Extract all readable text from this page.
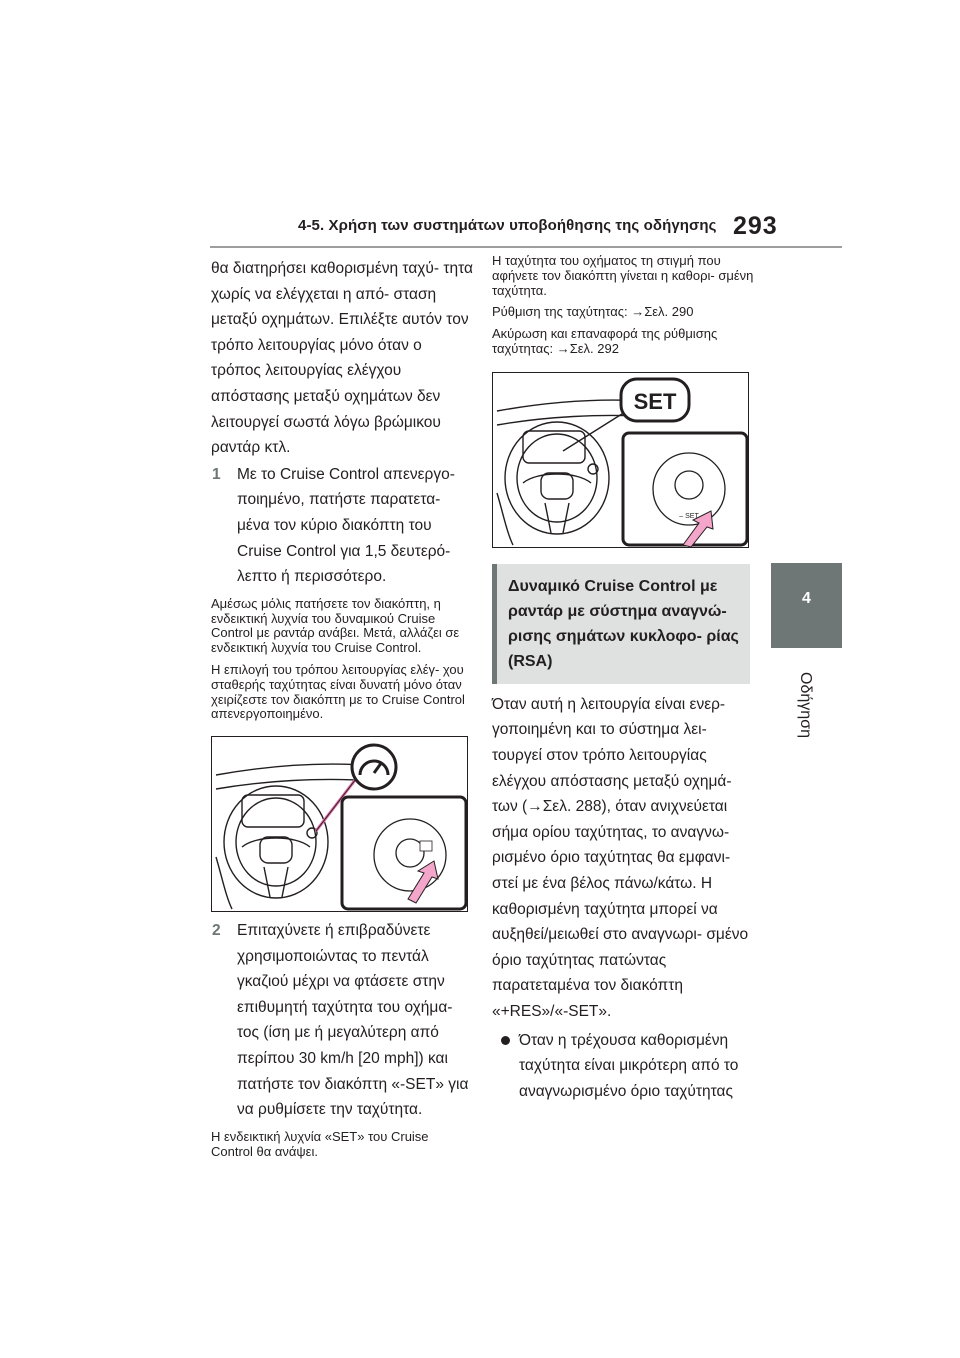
4-5. Χρήση των συστημάτων υποβοήθησης της οδήγησης 293
4
Οδήγηση

θα διατηρήσει καθορισμένη ταχύ- τητα χωρίς να ελέγχεται η από- σταση μεταξύ οχημάτων. Επιλέξτε αυτόν τον τρόπο λειτουργίας μόνο όταν ο τρόπος λειτουργίας ελέγχου απόστασης μεταξύ οχημάτων δεν λειτουργεί σωστά λόγω βρώμικου ραντάρ κτλ.

1 Με το Cruise Control απενεργο- ποιημένο, πατήστε παρατετα- μένα τον κύριο διακόπτη του Cruise Control για 1,5 δευτερό- λεπτο ή περισσότερο.

Αμέσως μόλις πατήσετε τον διακόπτη, η ενδεικτική λυχνία του δυναμικού Cruise Control με ραντάρ ανάβει. Μετά, αλλάζει σε ενδεικτική λυχνία του Cruise Control.

Η επιλογή του τρόπου λειτουργίας ελέγ- χου σταθερής ταχύτητας είναι δυνατή μόνο όταν χειρίζεστε τον διακόπτη με το Cruise Control απενεργοποιημένο.

2 Επιταχύνετε ή επιβραδύνετε χρησιμοποιώντας το πεντάλ γκαζιού μέχρι να φτάσετε στην επιθυμητή ταχύτητα του οχήμα- τος (ίση με ή μεγαλύτερη από περίπου 30 km/h [20 mph]) και πατήστε τον διακόπτη «-SET» για να ρυθμίσετε την ταχύτητα.

Η ενδεικτική λυχνία «SET» του Cruise Control θα ανάψει.

Η ταχύτητα του οχήματος τη στιγμή που αφήνετε τον διακόπτη γίνεται η καθορι- σμένη ταχύτητα.

Ρύθμιση της ταχύτητας: →Σελ. 290

Ακύρωση και επαναφορά της ρύθμισης ταχύτητας: →Σελ. 292

SET
– SET
Δυναμικό Cruise Control με ραντάρ με σύστημα αναγνώ- ρισης σημάτων κυκλοφο- ρίας (RSA)

Όταν αυτή η λειτουργία είναι ενερ- γοποιημένη και το σύστημα λει- τουργεί στον τρόπο λειτουργίας ελέγχου απόστασης μεταξύ οχημά- των (→Σελ. 288), όταν ανιχνεύεται σήμα ορίου ταχύτητας, το αναγνω- ρισμένο όριο ταχύτητας θα εμφανι- στεί με ένα βέλος πάνω/κάτω. Η καθορισμένη ταχύτητα μπορεί να αυξηθεί/μειωθεί στο αναγνωρι- σμένο όριο ταχύτητας πατώντας παρατεταμένα τον διακόπτη «+RES»/«-SET».

Όταν η τρέχουσα καθορισμένη ταχύτητα είναι μικρότερη από το αναγνωρισμένο όριο ταχύτητας
